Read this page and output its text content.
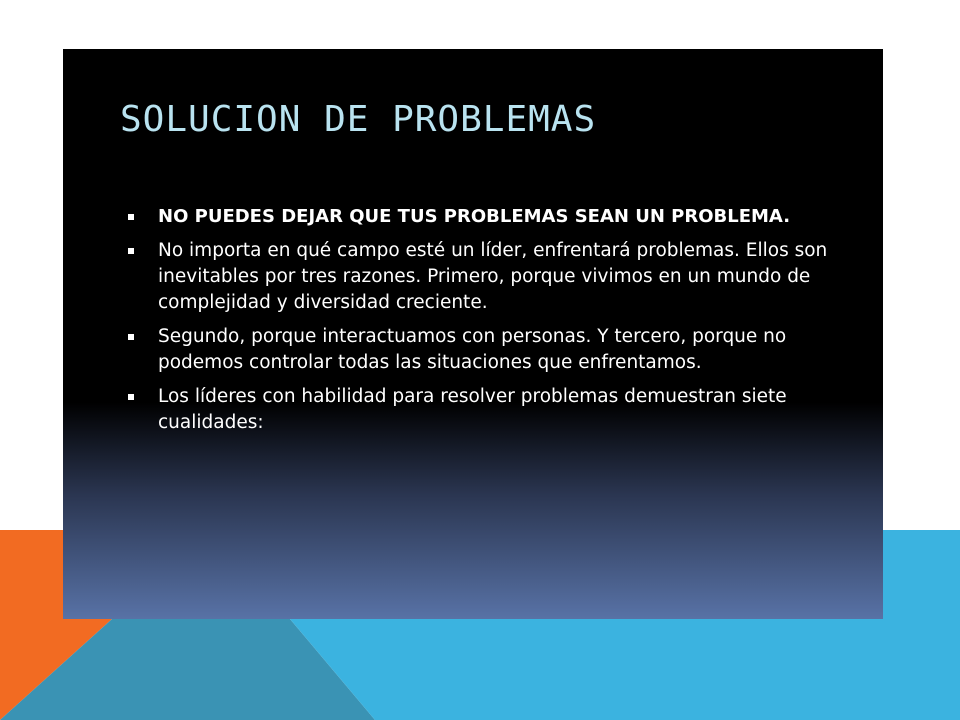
SOLUCION DE PROBLEMAS
NO PUEDES DEJAR QUE TUS PROBLEMAS SEAN UN PROBLEMA.
No importa en qué campo esté un líder, enfrentará problemas. Ellos son inevitables por tres razones. Primero, porque vivimos en un mundo de complejidad y diversidad creciente.
Segundo, porque interactuamos con personas. Y tercero, porque no podemos controlar todas las situaciones que enfrentamos.
Los líderes con habilidad para resolver problemas demuestran siete cualidades:
